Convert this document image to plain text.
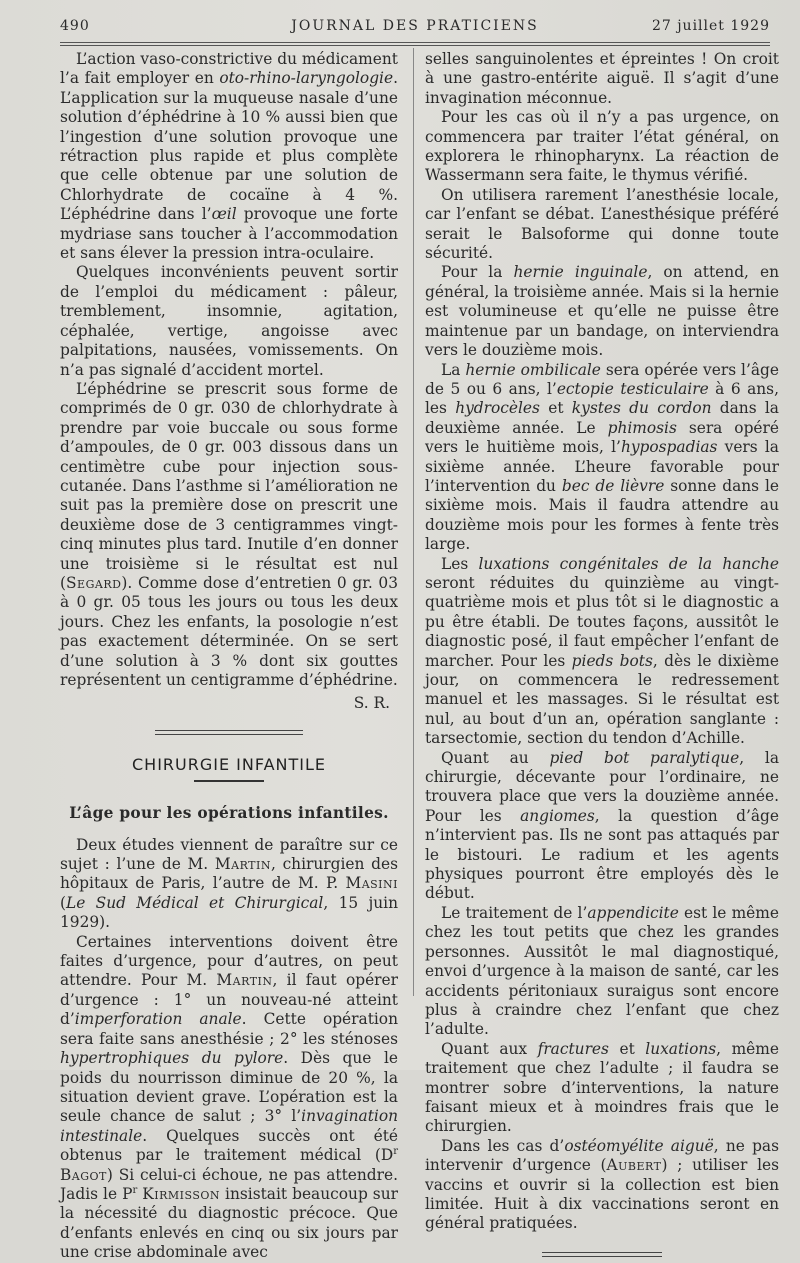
490	JOURNAL DES PRATICIENS	27 juillet 1929

L’action vaso-constrictive du médicament l’a fait employer en oto-rhino-laryngologie. L’application sur la muqueuse nasale d’une solution d’éphédrine à 10 % aussi bien que l’ingestion d’une solution provoque une rétraction plus rapide et plus complète que celle obtenue par une solution de Chlorhydrate de cocaïne à 4 %. L’éphédrine dans l’œil provoque une forte mydriase sans toucher à l’accommodation et sans élever la pression intra-oculaire.

Quelques inconvénients peuvent sortir de l’emploi du médicament : pâleur, tremblement, insomnie, agitation, céphalée, vertige, angoisse avec palpitations, nausées, vomissements. On n’a pas signalé d’accident mortel.

L’éphédrine se prescrit sous forme de comprimés de 0 gr. 030 de chlorhydrate à prendre par voie buccale ou sous forme d’ampoules, de 0 gr. 003 dissous dans un centimètre cube pour injection sous-cutanée. Dans l’asthme si l’amélioration ne suit pas la première dose on prescrit une deuxième dose de 3 centigrammes vingt-cinq minutes plus tard. Inutile d’en donner une troisième si le résultat est nul (Segard). Comme dose d’entretien 0 gr. 03 à 0 gr. 05 tous les jours ou tous les deux jours. Chez les enfants, la posologie n’est pas exactement déterminée. On se sert d’une solution à 3 % dont six gouttes représentent un centigramme d’éphédrine.

S. R.

CHIRURGIE INFANTILE
L’âge pour les opérations infantiles.

Deux études viennent de paraître sur ce sujet : l’une de M. Martin, chirurgien des hôpitaux de Paris, l’autre de M. P. Masini (Le Sud Médical et Chirurgical, 15 juin 1929).

Certaines interventions doivent être faites d’urgence, pour d’autres, on peut attendre. Pour M. Martin, il faut opérer d’urgence : 1° un nouveau-né atteint d’imperforation anale. Cette opération sera faite sans anesthésie ; 2° les sténoses hypertrophiques du pylore. Dès que le poids du nourrisson diminue de 20 %, la situation devient grave. L’opération est la seule chance de salut ; 3° l’invagination intestinale. Quelques succès ont été obtenus par le traitement médical ($D^r$ Bagot) Si celui-ci échoue, ne pas attendre. Jadis le $P^r$ Kirmisson insistait beaucoup sur la nécessité du diagnostic précoce. Que d’enfants enlevés en cinq ou six jours par une crise abdominale avec

selles sanguinolentes et épreintes ! On croit à une gastro-entérite aiguë. Il s’agit d’une invagination méconnue.

Pour les cas où il n’y a pas urgence, on commencera par traiter l’état général, on explorera le rhinopharynx. La réaction de Wassermann sera faite, le thymus vérifié.

On utilisera rarement l’anesthésie locale, car l’enfant se débat. L’anesthésique préféré serait le Balsoforme qui donne toute sécurité.

Pour la hernie inguinale, on attend, en général, la troisième année. Mais si la hernie est volumineuse et qu’elle ne puisse être maintenue par un bandage, on interviendra vers le douzième mois.

La hernie ombilicale sera opérée vers l’âge de 5 ou 6 ans, l’ectopie testiculaire à 6 ans, les hydrocèles et kystes du cordon dans la deuxième année. Le phimosis sera opéré vers le huitième mois, l’hypospadias vers la sixième année. L’heure favorable pour l’intervention du bec de lièvre sonne dans le sixième mois. Mais il faudra attendre au douzième mois pour les formes à fente très large.

Les luxations congénitales de la hanche seront réduites du quinzième au vingt-quatrième mois et plus tôt si le diagnostic a pu être établi. De toutes façons, aussitôt le diagnostic posé, il faut empêcher l’enfant de marcher. Pour les pieds bots, dès le dixième jour, on commencera le redressement manuel et les massages. Si le résultat est nul, au bout d’un an, opération sanglante : tarsectomie, section du tendon d’Achille.

Quant au pied bot paralytique, la chirurgie, décevante pour l’ordinaire, ne trouvera place que vers la douzième année. Pour les angiomes, la question d’âge n’intervient pas. Ils ne sont pas attaqués par le bistouri. Le radium et les agents physiques pourront être employés dès le début.

Le traitement de l’appendicite est le même chez les tout petits que chez les grandes personnes. Aussitôt le mal diagnostiqué, envoi d’urgence à la maison de santé, car les accidents péritoniaux suraigus sont encore plus à craindre chez l’enfant que chez l’adulte.

Quant aux fractures et luxations, même traitement que chez l’adulte ; il faudra se montrer sobre d’interventions, la nature faisant mieux et à moindres frais que le chirurgien.

Dans les cas d’ostéomyélite aiguë, ne pas intervenir d’urgence (Aubert) ; utiliser les vaccins et ouvrir si la collection est bien limitée. Huit à dix vaccinations seront en général pratiquées.
